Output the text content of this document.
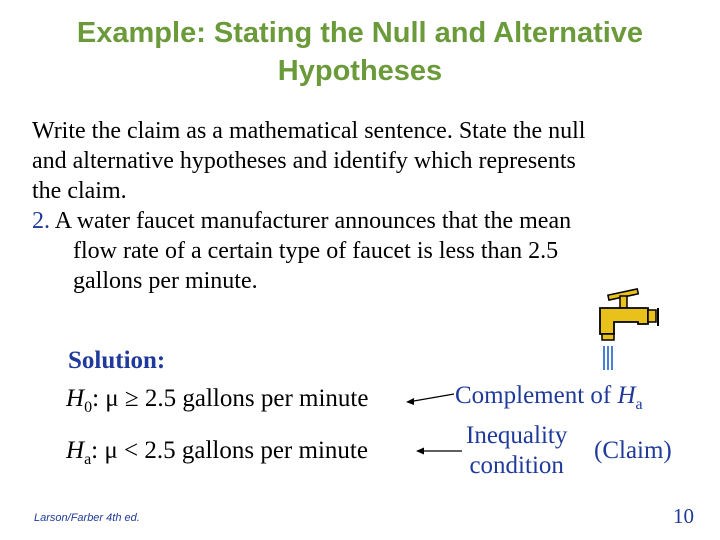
Example: Stating the Null and Alternative
Hypotheses
Write the claim as a mathematical sentence. State the null
and alternative hypotheses and identify which represents
the claim.
2. A water faucet manufacturer announces that the mean
flow rate of a certain type of faucet is less than 2.5
gallons per minute.
Solution:
$H_0$: μ ≥ 2.5 gallons per minute
$H_a$: μ < 2.5 gallons per minute
Complement of $H_a$
Inequality
condition
(Claim)
Larson/Farber 4th ed.	10
